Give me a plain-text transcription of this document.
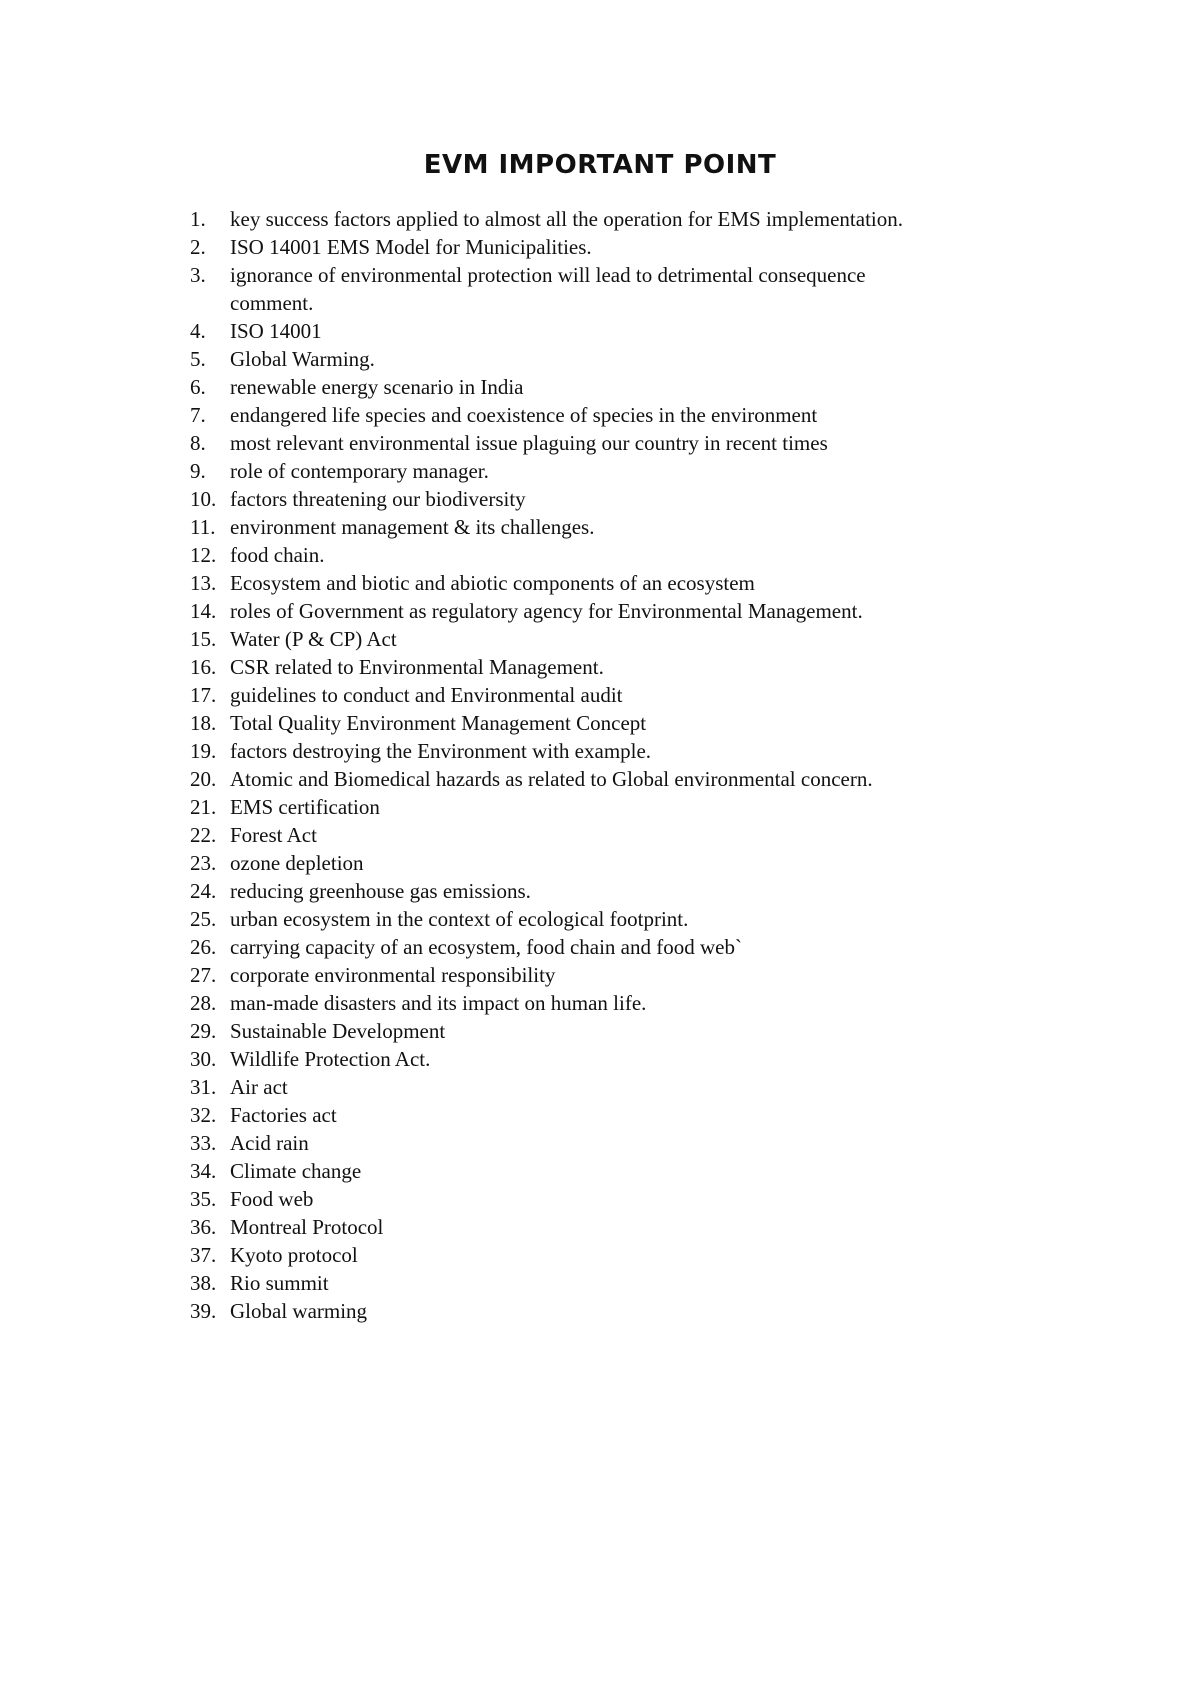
EVM IMPORTANT POINT
1.	key success factors applied to almost all the operation for EMS implementation.
2.	ISO 14001 EMS Model for Municipalities.
3.	ignorance of environmental protection will lead to detrimental consequence comment.
4.	ISO 14001
5.	Global Warming.
6.	renewable energy scenario in India
7.	endangered life species and coexistence of species in the environment
8.	most relevant environmental issue plaguing our country in recent times
9.	role of contemporary manager.
10. factors threatening our biodiversity
11. environment management & its challenges.
12. food chain.
13. Ecosystem and biotic and abiotic components of an ecosystem
14. roles of Government as regulatory agency for Environmental Management.
15. Water (P & CP) Act
16. CSR related to Environmental Management.
17. guidelines to conduct and Environmental audit
18. Total Quality Environment Management Concept
19. factors destroying the Environment with example.
20. Atomic and Biomedical hazards as related to Global environmental concern.
21. EMS certification
22. Forest Act
23. ozone depletion
24. reducing greenhouse gas emissions.
25. urban ecosystem in the context of ecological footprint.
26. carrying capacity of an ecosystem, food chain and food web`
27. corporate environmental responsibility
28. man-made disasters and its impact on human life.
29. Sustainable Development
30. Wildlife Protection Act.
31. Air act
32. Factories act
33. Acid rain
34. Climate change
35. Food web
36. Montreal Protocol
37. Kyoto protocol
38. Rio summit
39. Global warming
